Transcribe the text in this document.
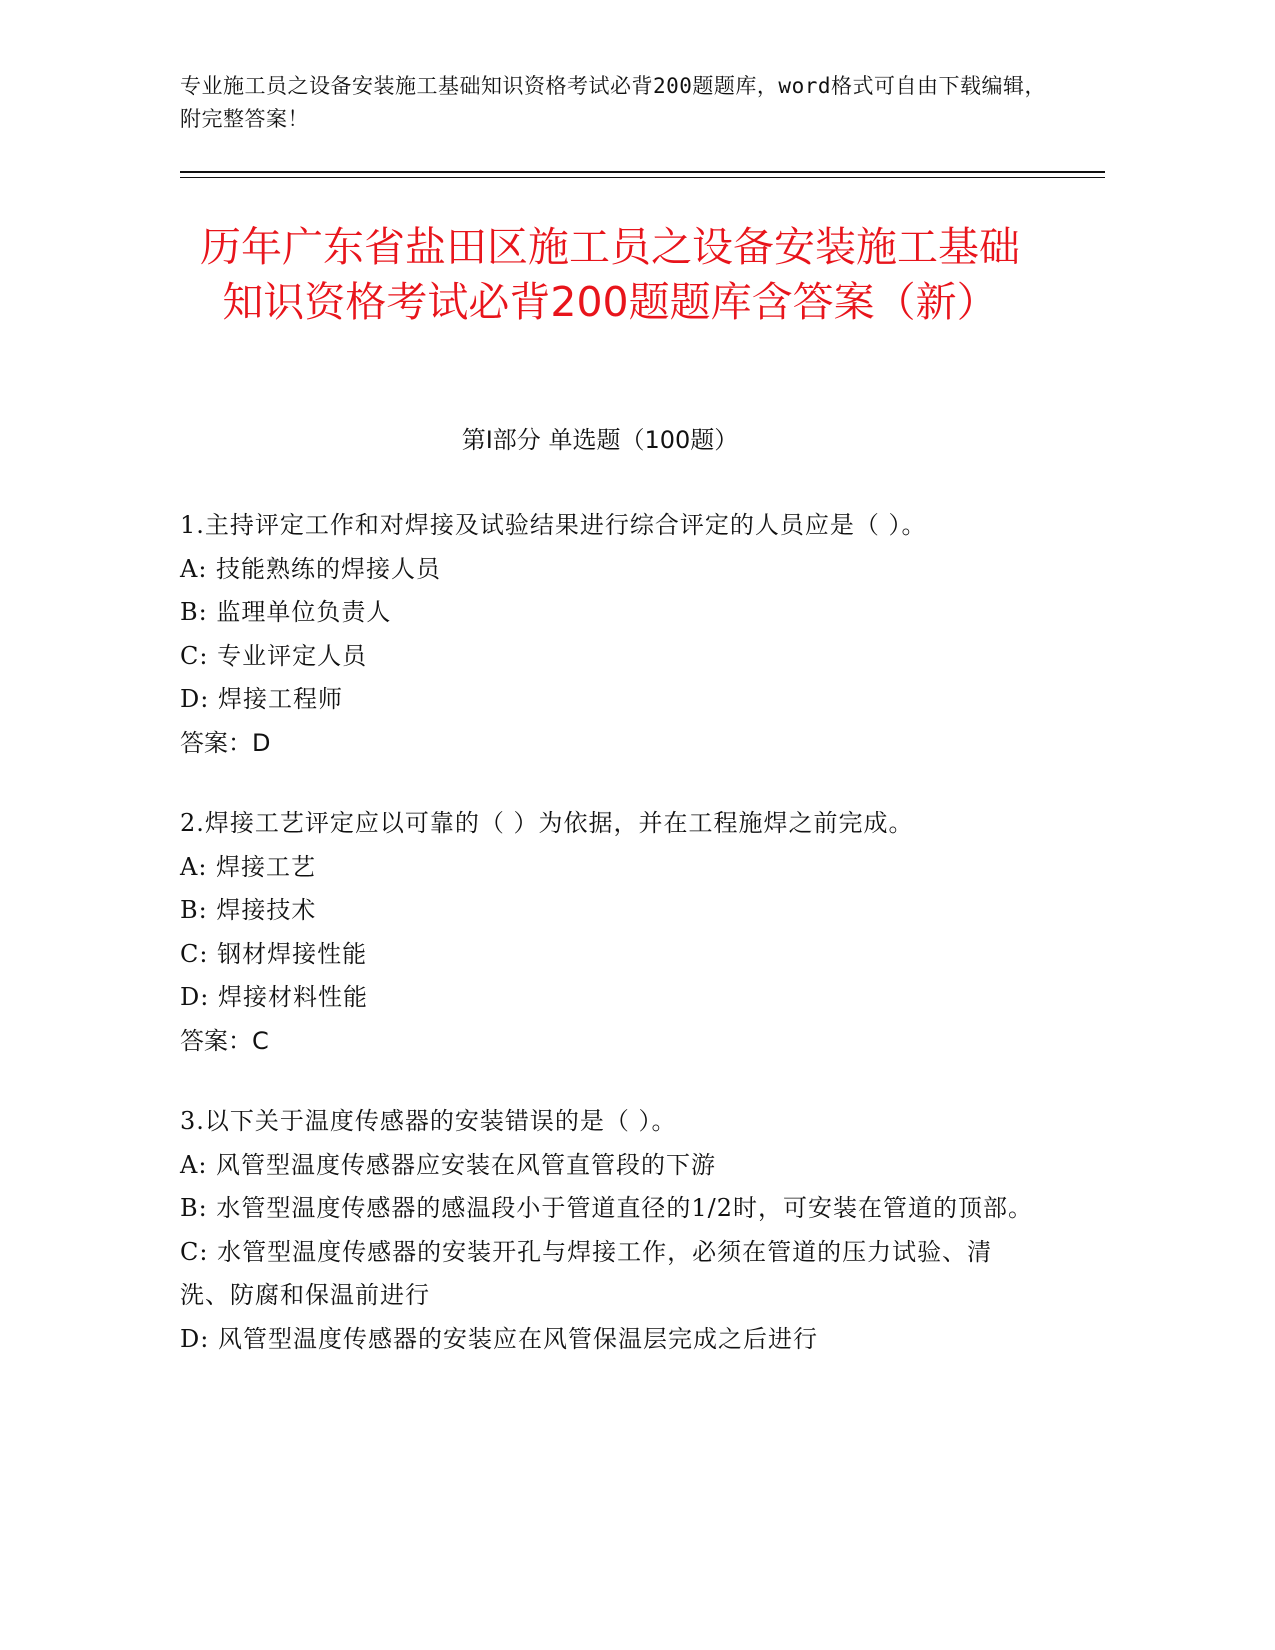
专业施工员之设备安装施工基础知识资格考试必背200题题库，word格式可自由下载编辑，附完整答案！
历年广东省盐田区施工员之设备安装施工基础知识资格考试必背200题题库含答案（新）
第Ⅰ部分 单选题（100题）
1.主持评定工作和对焊接及试验结果进行综合评定的人员应是（ ）。
A: 技能熟练的焊接人员
B: 监理单位负责人
C: 专业评定人员
D: 焊接工程师
答案：D
2.焊接工艺评定应以可靠的（ ）为依据，并在工程施焊之前完成。
A: 焊接工艺
B: 焊接技术
C: 钢材焊接性能
D: 焊接材料性能
答案：C
3.以下关于温度传感器的安装错误的是（ ）。
A: 风管型温度传感器应安装在风管直管段的下游
B: 水管型温度传感器的感温段小于管道直径的1/2时，可安装在管道的顶部。
C: 水管型温度传感器的安装开孔与焊接工作，必须在管道的压力试验、清洗、防腐和保温前进行
D: 风管型温度传感器的安装应在风管保温层完成之后进行
